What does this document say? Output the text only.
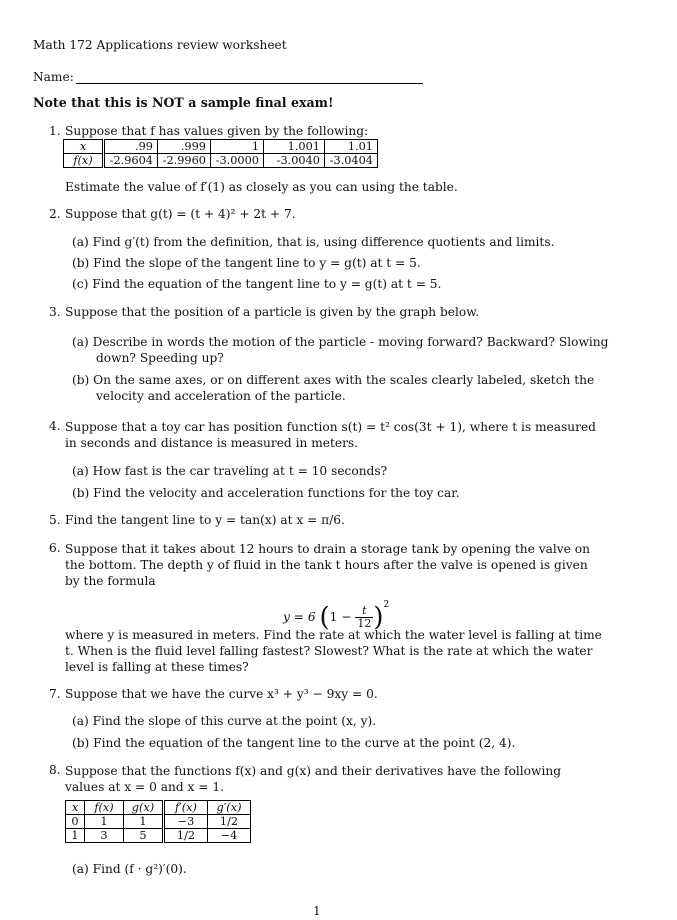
Math 172 Applications review worksheet
Name:
Note that this is NOT a sample final exam!
1. Suppose that f has values given by the following:
x	.99	.999	1	1.001	1.01
f(x)	-2.9604	-2.9960	-3.0000	-3.0040	-3.0404
Estimate the value of f′(1) as closely as you can using the table.
2. Suppose that g(t) = (t + 4)² + 2t + 7.
(a) Find g′(t) from the definition, that is, using difference quotients and limits.
(b) Find the slope of the tangent line to y = g(t) at t = 5.
(c) Find the equation of the tangent line to y = g(t) at t = 5.
3. Suppose that the position of a particle is given by the graph below.
(a) Describe in words the motion of the particle - moving forward? Backward? Slowing down? Speeding up?
(b) On the same axes, or on different axes with the scales clearly labeled, sketch the velocity and acceleration of the particle.
4. Suppose that a toy car has position function s(t) = t² cos(3t + 1), where t is measured in seconds and distance is measured in meters.
(a) How fast is the car traveling at t = 10 seconds?
(b) Find the velocity and acceleration functions for the toy car.
5. Find the tangent line to y = tan(x) at x = π/6.
6. Suppose that it takes about 12 hours to drain a storage tank by opening the valve on the bottom. The depth y of fluid in the tank t hours after the valve is opened is given by the formula
y = 6 $(1 - \frac{t}{12} )^2$
where y is measured in meters. Find the rate at which the water level is falling at time t. When is the fluid level falling fastest? Slowest? What is the rate at which the water level is falling at these times?
7. Suppose that we have the curve x³ + y³ − 9xy = 0.
(a) Find the slope of this curve at the point (x, y).
(b) Find the equation of the tangent line to the curve at the point (2, 4).
8. Suppose that the functions f(x) and g(x) and their derivatives have the following values at x = 0 and x = 1.
x	f(x)	g(x)	f′(x)	g′(x)
0	1	1	−3	1/2
1	3	5	1/2	−4
(a) Find (f · g²)′(0).
1
